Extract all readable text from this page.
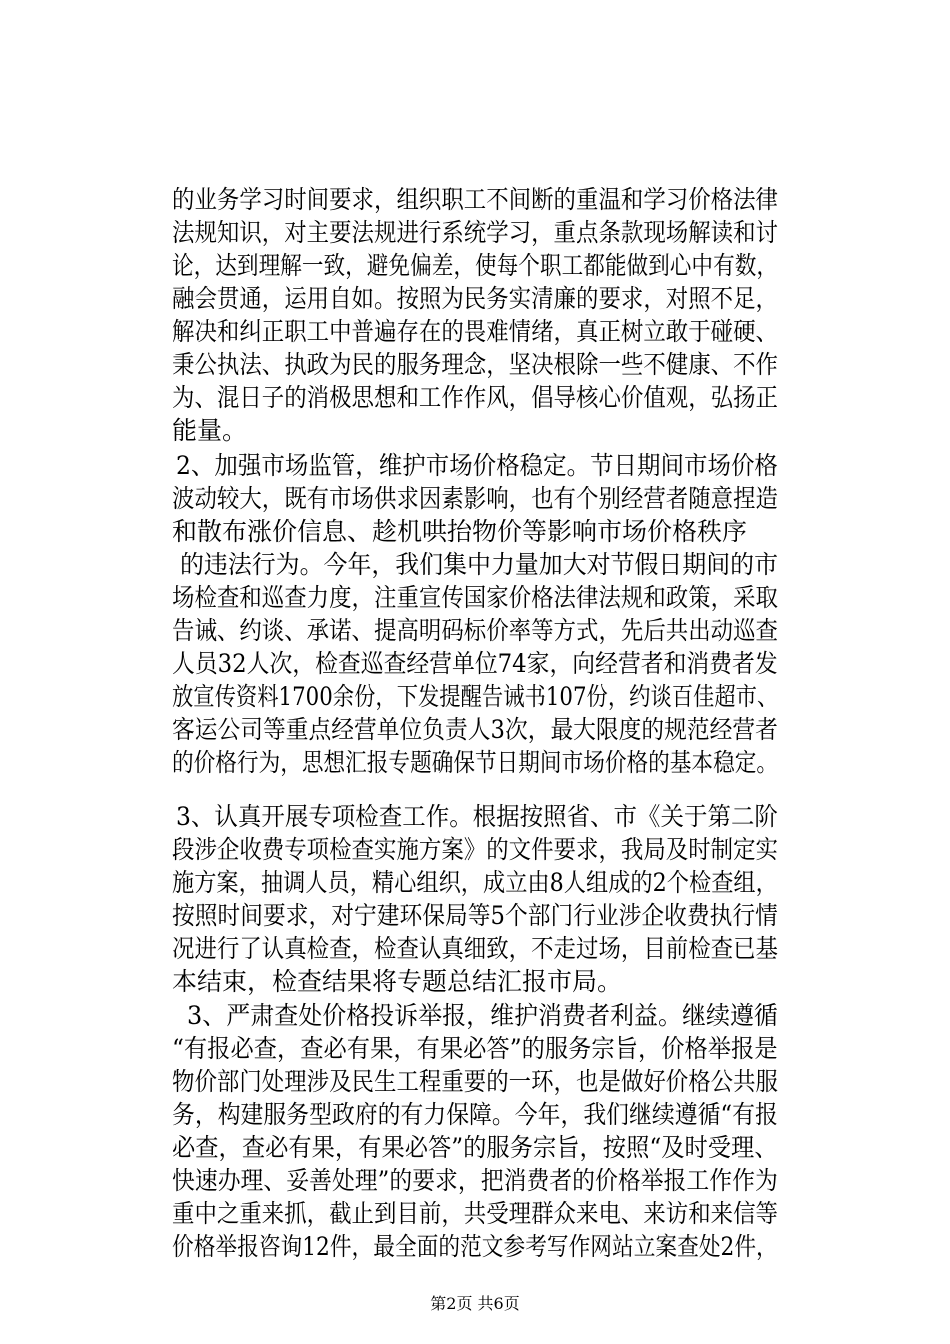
的业务学习时间要求，组织职工不间断的重温和学习价格法律

法规知识，对主要法规进行系统学习，重点条款现场解读和讨

论，达到理解一致，避免偏差，使每个职工都能做到心中有数，

融会贯通，运用自如。按照为民务实清廉的要求，对照不足，

解决和纠正职工中普遍存在的畏难情绪，真正树立敢于碰硬、

秉公执法、执政为民的服务理念，坚决根除一些不健康、不作

为、混日子的消极思想和工作作风，倡导核心价值观，弘扬正

能量。

2、加强市场监管，维护市场价格稳定。节日期间市场价格

波动较大，既有市场供求因素影响，也有个别经营者随意捏造

和散布涨价信息、趁机哄抬物价等影响市场价格秩序

的违法行为。今年，我们集中力量加大对节假日期间的市

场检查和巡查力度，注重宣传国家价格法律法规和政策，采取

告诫、约谈、承诺、提高明码标价率等方式，先后共出动巡查

人员32人次，检查巡查经营单位74家，向经营者和消费者发

放宣传资料1700余份，下发提醒告诫书107份，约谈百佳超市、

客运公司等重点经营单位负责人3次，最大限度的规范经营者

的价格行为，思想汇报专题确保节日期间市场价格的基本稳定。

3、认真开展专项检查工作。根据按照省、市《关于第二阶

段涉企收费专项检查实施方案》的文件要求，我局及时制定实

施方案，抽调人员，精心组织，成立由8人组成的2个检查组，

按照时间要求，对宁建环保局等5个部门行业涉企收费执行情

况进行了认真检查，检查认真细致，不走过场，目前检查已基

本结束，检查结果将专题总结汇报市局。

3、严肃查处价格投诉举报，维护消费者利益。继续遵循

“有报必查，查必有果，有果必答”的服务宗旨，价格举报是

物价部门处理涉及民生工程重要的一环，也是做好价格公共服

务，构建服务型政府的有力保障。今年，我们继续遵循“有报

必查，查必有果，有果必答”的服务宗旨，按照“及时受理、

快速办理、妥善处理”的要求，把消费者的价格举报工作作为

重中之重来抓，截止到目前，共受理群众来电、来访和来信等

价格举报咨询12件，最全面的范文参考写作网站立案查处2件，

第2页 共6页
